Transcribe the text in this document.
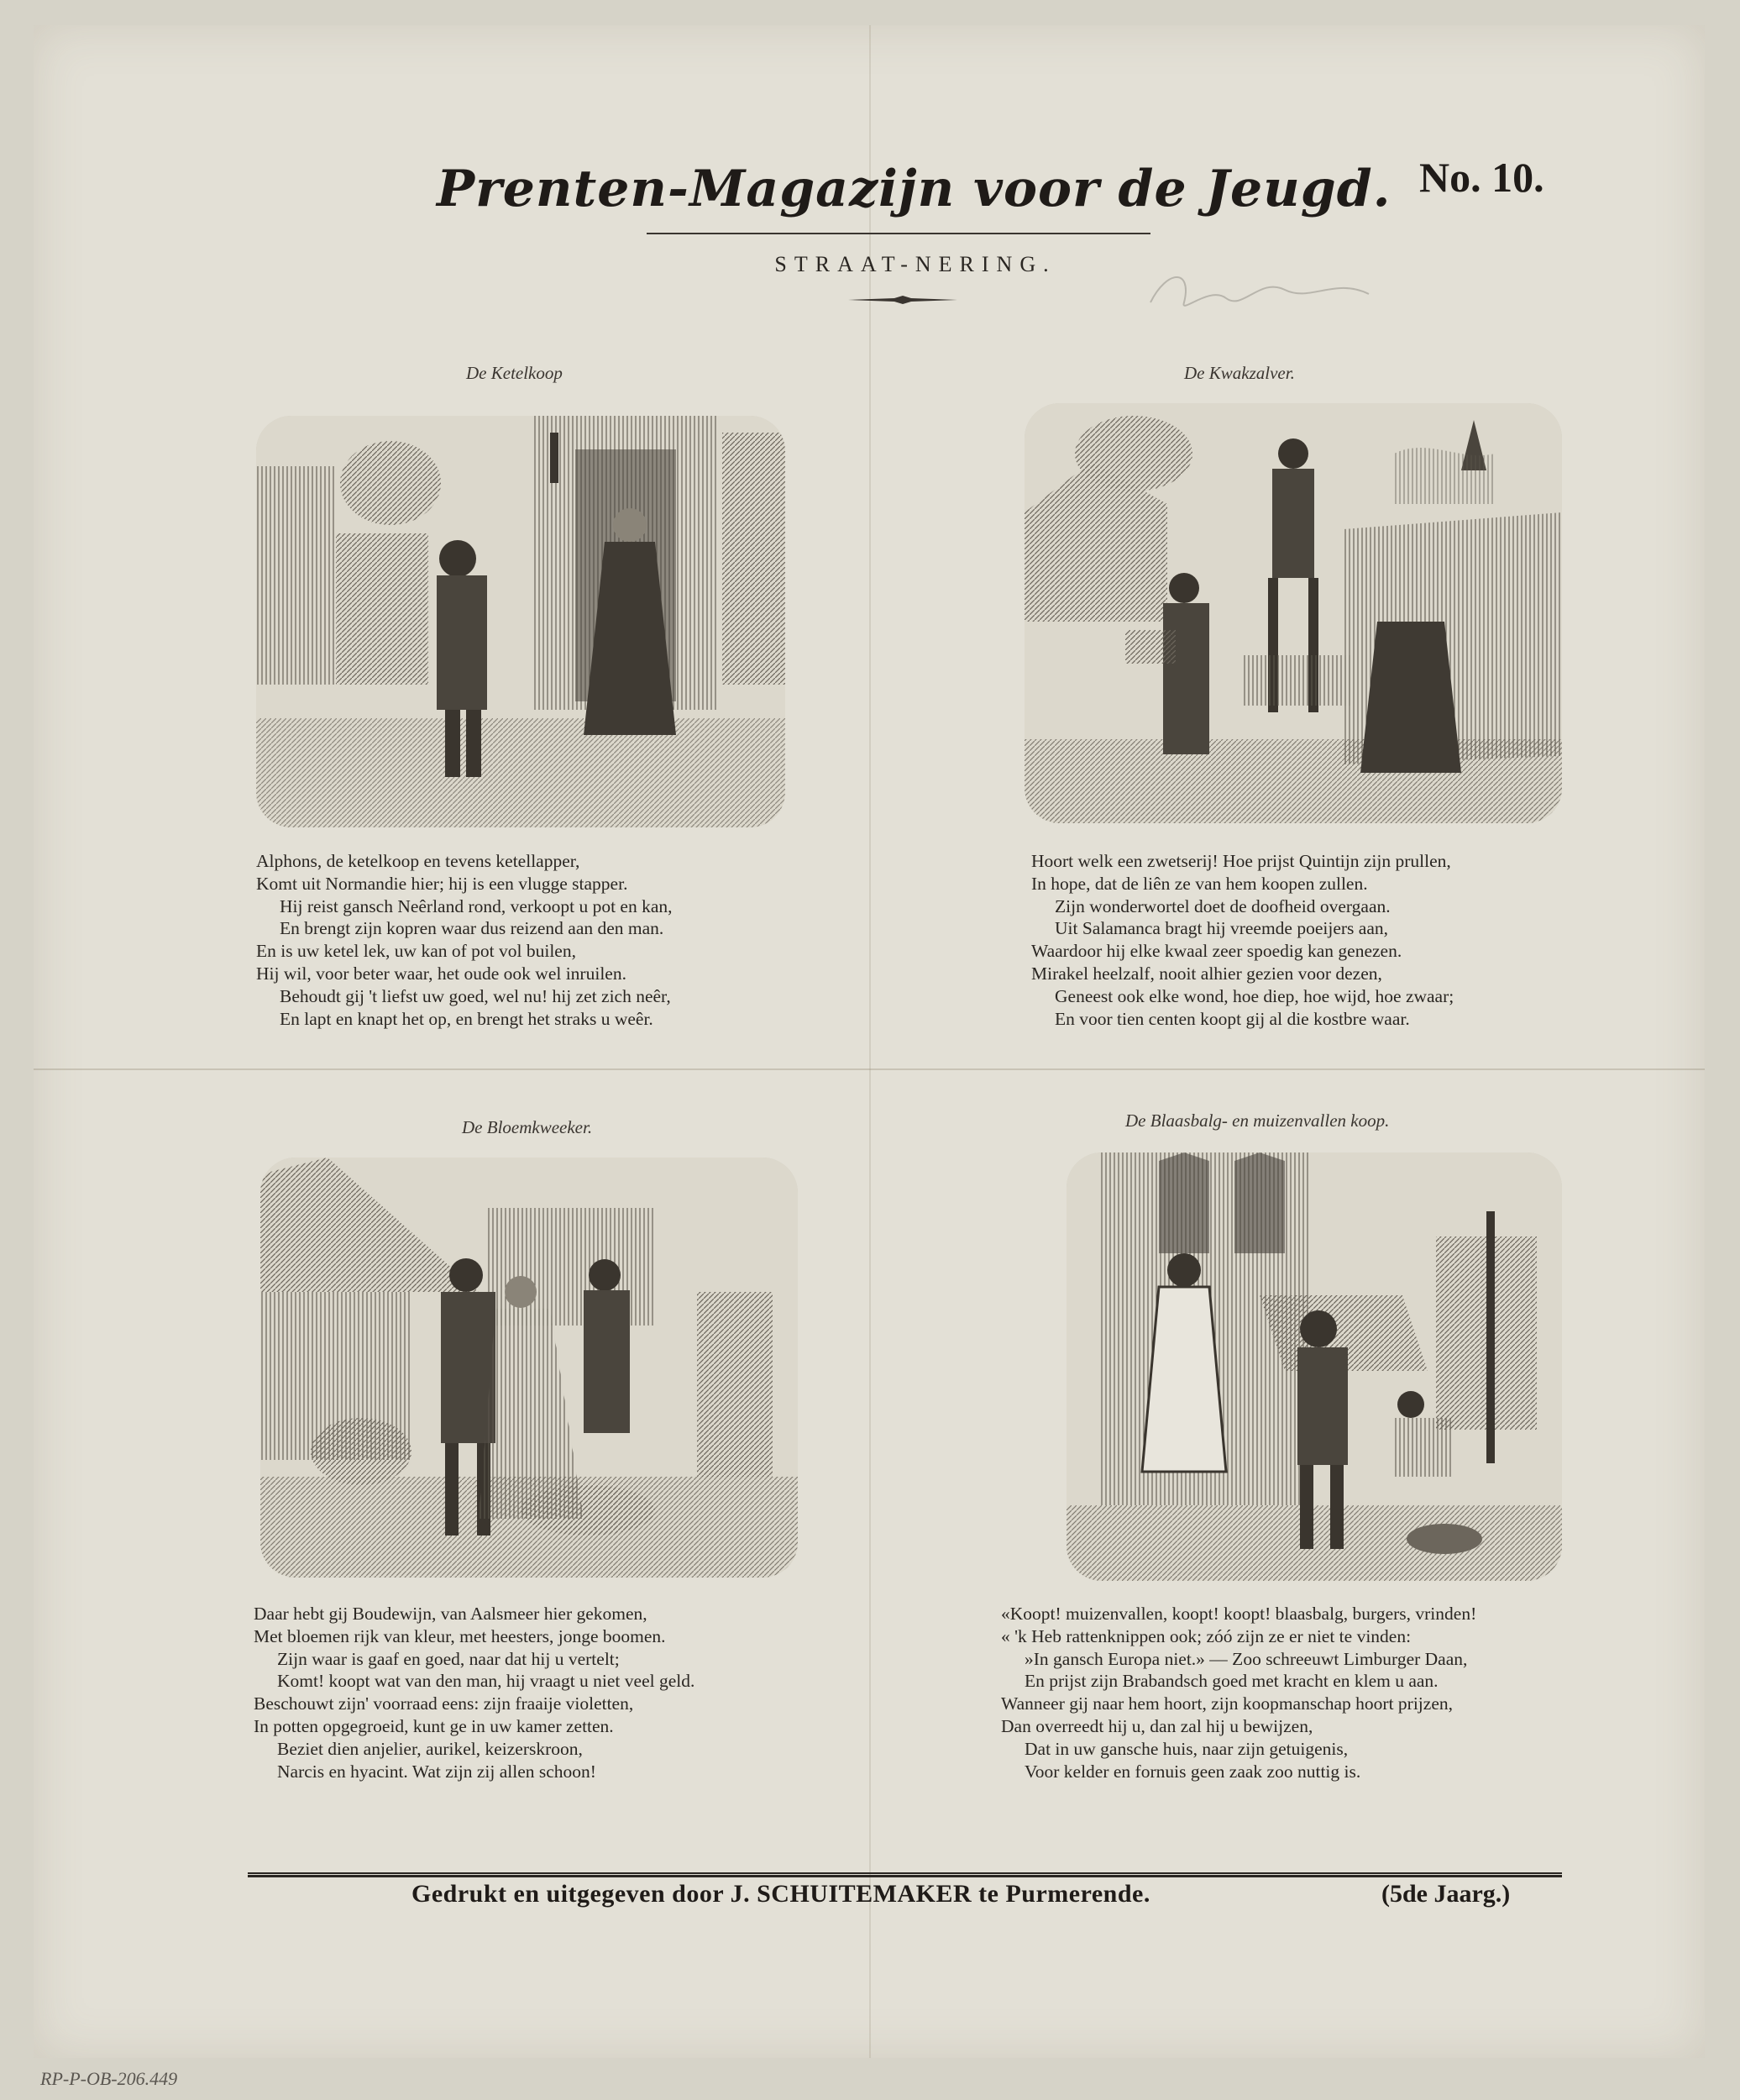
Prenten-Magazijn voor de Jeugd. No. 10.
STRAAT-NERING.
De Ketelkoop
Alphons, de ketelkoop en tevens ketellapper,
Komt uit Normandie hier; hij is een vlugge stapper.
Hij reist gansch Neêrland rond, verkoopt u pot en kan,
En brengt zijn kopren waar dus reizend aan den man.
En is uw ketel lek, uw kan of pot vol builen,
Hij wil, voor beter waar, het oude ook wel inruilen.
Behoudt gij 't liefst uw goed, wel nu! hij zet zich neêr,
En lapt en knapt het op, en brengt het straks u weêr.
De Kwakzalver.
Hoort welk een zwetserij! Hoe prijst Quintijn zijn prullen,
In hope, dat de liên ze van hem koopen zullen.
Zijn wonderwortel doet de doofheid overgaan.
Uit Salamanca bragt hij vreemde poeijers aan,
Waardoor hij elke kwaal zeer spoedig kan genezen.
Mirakel heelzalf, nooit alhier gezien voor dezen,
Geneest ook elke wond, hoe diep, hoe wijd, hoe zwaar;
En voor tien centen koopt gij al die kostbre waar.
De Bloemkweeker.
Daar hebt gij Boudewijn, van Aalsmeer hier gekomen,
Met bloemen rijk van kleur, met heesters, jonge boomen.
Zijn waar is gaaf en goed, naar dat hij u vertelt;
Komt! koopt wat van den man, hij vraagt u niet veel geld.
Beschouwt zijn' voorraad eens: zijn fraaije violetten,
In potten opgegroeid, kunt ge in uw kamer zetten.
Beziet dien anjelier, aurikel, keizerskroon,
Narcis en hyacint. Wat zijn zij allen schoon!
De Blaasbalg- en muizenvallen koop.
«Koopt! muizenvallen, koopt! koopt! blaasbalg, burgers, vrinden!
« 'k Heb rattenknippen ook; zóó zijn ze er niet te vinden:
»In gansch Europa niet.» — Zoo schreeuwt Limburger Daan,
En prijst zijn Brabandsch goed met kracht en klem u aan.
Wanneer gij naar hem hoort, zijn koopmanschap hoort prijzen,
Dan overreedt hij u, dan zal hij u bewijzen,
Dat in uw gansche huis, naar zijn getuigenis,
Voor kelder en fornuis geen zaak zoo nuttig is.
Gedrukt en uitgegeven door J. SCHUITEMAKER te Purmerende.	(5de Jaarg.)
RP-P-OB-206.449
